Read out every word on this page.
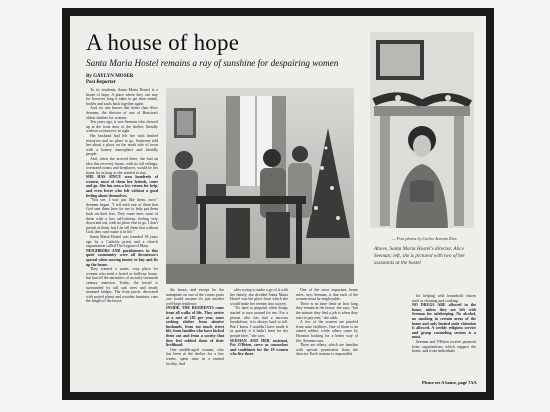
A house of hope
Santa Maria Hostel remains a ray of sunshine for despairing women
By GAYLYN MOSER
Post Reporter

To its residents, Santa Maria Hostel is a house of hope. A place where they can stay for however long it takes to get their minds, bodies and souls back together again.

And, no one knows that better than Alice Seeman, the director of one of Houston's oldest shelters for women.

Ten years ago, it was Seeman who showed up at the front door of the shelter, literally without a tomorrow in sight.

Her husband had left her with limited resources and no place to go. Someone told her about a place on the north side of town with a homey atmosphere and friendly people.

And, when she arrived there, she had an idea this recovery house, with its tall ceilings, oversized rooms and fireplaces, would be her home for as long as she wanted to stay.

SHE HAS SINCE seen hundreds of women, most of them her friends, come and go. She has seen a few return for help, and even fewer who left without a good feeling about themselves.

"You see, I was just like them, once," Seeman began. "I tell each one of them that God sent them here for me to help put them back on their feet. They come here, most of them with a low self-esteem, feeling very down and out, with no place else to go. I don't preach at them, but I do tell them that without God, they can't make it in life."

Santa Maria Hostel was founded 18 years ago by a Catholic priest and a church organization called The Legion of Mary.

NEIGHBORS AND parishioners in this quiet community were all downtown's special when moving money to buy and fix up the house.

They wanted a warm, cozy place for women who need a hostel or halfway house, but had all the amenities of an early twentieth century mansion. Today, the hostel is surrounded by tall oak trees and neatly trimmed hedges. The front porch, decorated with potted plants and wooden furniture, runs the length of the house.

— Post photos by Carlos Antonio Rios
Above, Santa Maria Hostel's director, Alice Seeman; left, she is pictured with two of her assistants at the hostel

the house, and except for the nameplate on one of the corner posts one would assume it's just another well-kept residence.

INSIDE, THE RESIDENTS come from all walks of life. They arrive at a rate of 185 per year, some seeking shelter from abusive husbands, from too much street life, from families who have kicked them out and from a society that they feel robbed them of their livelihood.

One middle-aged woman, who has been at the shelter for a few weeks, spent time in a mental facility. And

after trying to make a go of it with her family, she decided Santa Maria Hostel was the place from which she would make her reentry into society.

"It's hard to pinpoint when things started to turn around for me. For a person who has had a nervous breakdown, it is always hard to tell. But I know I wouldn't have made it as quickly if it hadn't been for the people here," she says.

SEEMAN AND HER assistant, Pat O'Brien, serve as counselors and confidants for the 19 women who live there.

One of the most important house rules, says Seeman, is that each of the women must be employable.

There is no time limit on how long they remain at the house, she says, "but the minute they find a job is when they start to pay rent," she adds.

A few of the women are paroled from state facilities. One of them is an armed robber, while others come by Houston looking for a better way of life, Seeman says.

There are others, which are families with special permission from the director. Each woman is responsible

for helping with household chores such as cleaning and cooking.

NO DRUGS ARE allowed in the home, unless they are left with Seeman for safekeeping. No alcohol, no smoking in certain areas of the home and only limited male visitation is allowed. A weekly religious service and group counseling session is a must.

Seeman and O'Brien receive payment from organizations which support the home, and from individuals

Please see A house, page 7AA
